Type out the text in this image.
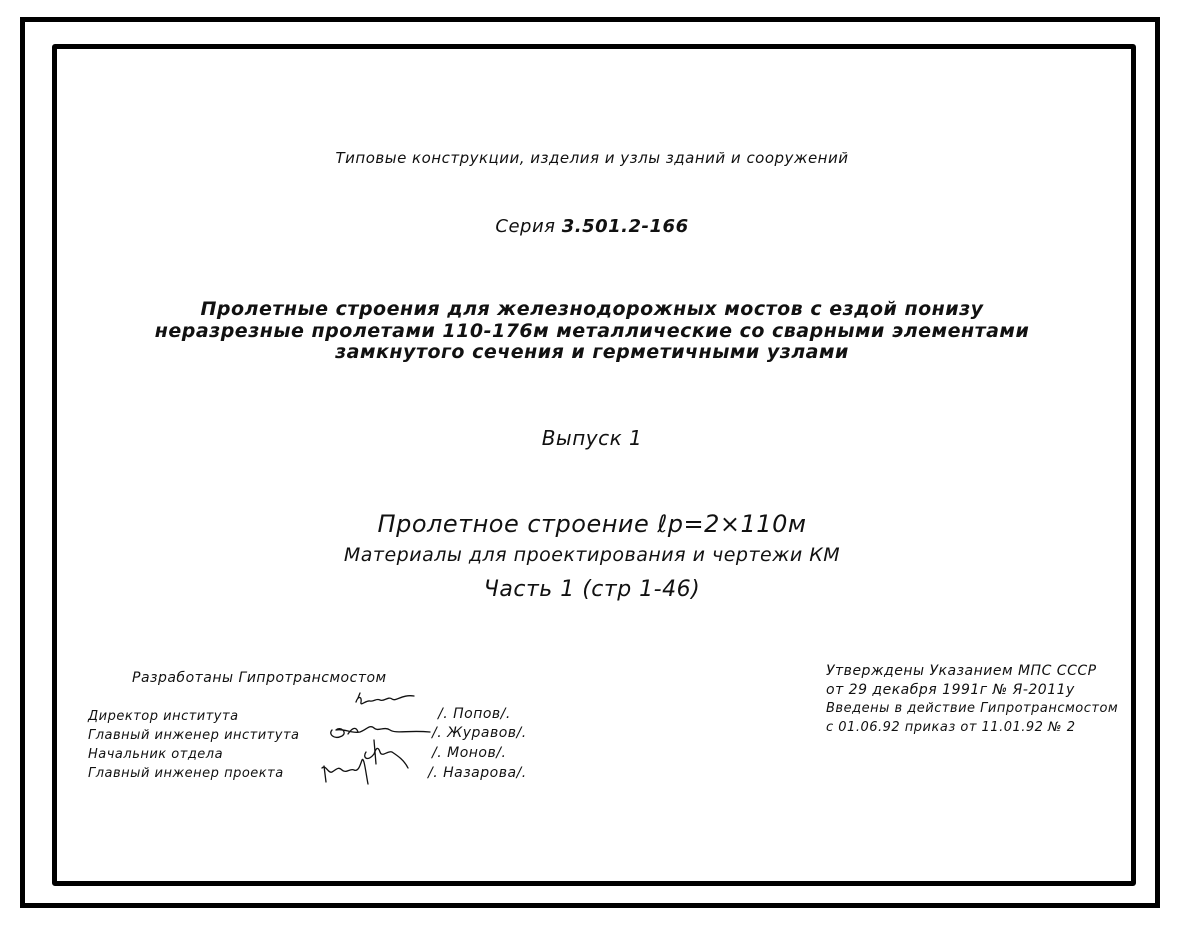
Типовые конструкции, изделия и узлы зданий и сооружений
Серия 3.501.2-166
Пролетные строения для железнодорожных мостов с ездой понизу
неразрезные пролетами 110-176м металлические со сварными элементами
замкнутого сечения и герметичными узлами
Выпуск 1
Пролетное строение ℓр=2×110м
Материалы для проектирования и чертежи КМ
Часть 1 (стр 1-46)
Разработаны Гипротрансмостом
Директор института
Главный инженер института
Начальник отдела
Главный инженер проекта
/. Попов/.
/. Журавов/.
/. Монов/.
/. Назарова/.
Утверждены Указанием МПС СССР
от 29 декабря 1991г № Я-2011у
Введены в действие Гипротрансмостом
с 01.06.92 приказ от 11.01.92 № 2
